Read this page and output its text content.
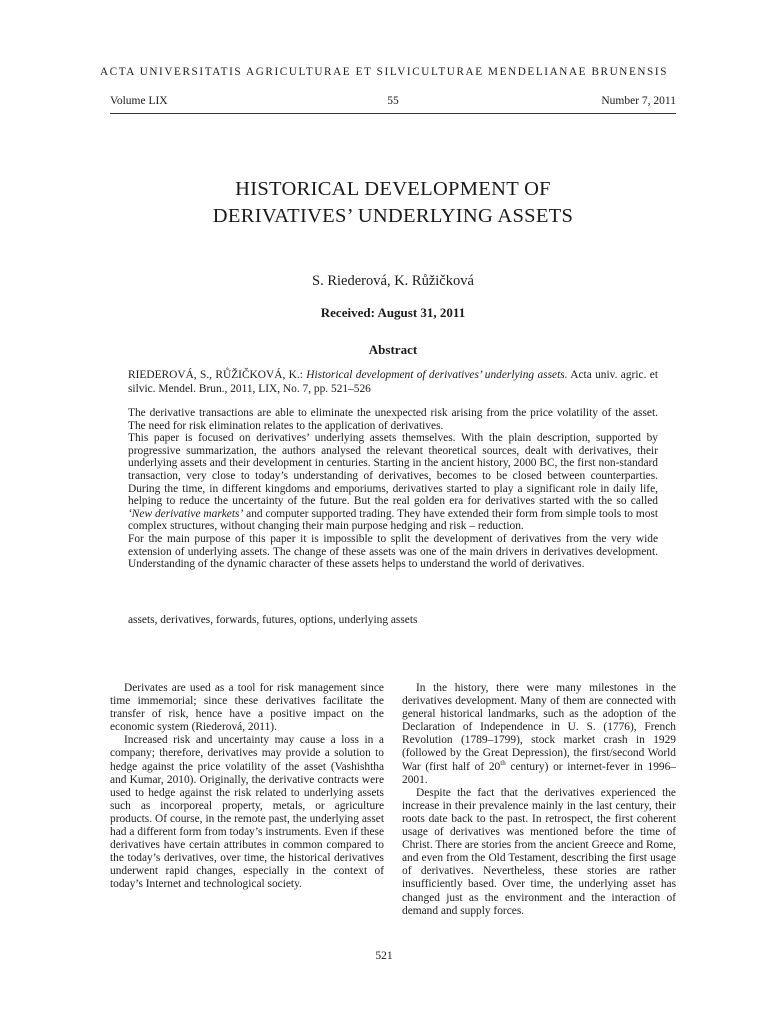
ACTA UNIVERSITATIS AGRICULTURAE ET SILVICULTURAE MENDELIANAE BRUNENSIS
Volume LIX	55	Number 7, 2011
HISTORICAL DEVELOPMENT OF
DERIVATIVES’ UNDERLYING ASSETS
S. Riederová, K. Růžičková
Received: August 31, 2011
Abstract
RIEDEROVÁ, S., RŮŽIČKOVÁ, K.: Historical development of derivatives’ underlying assets. Acta univ. agric. et silvic. Mendel. Brun., 2011, LIX, No. 7, pp. 521–526

The derivative transactions are able to eliminate the unexpected risk arising from the price volatility of the asset. The need for risk elimination relates to the application of derivatives.

This paper is focused on derivatives’ underlying assets themselves. With the plain description, supported by progressive summarization, the authors analysed the relevant theoretical sources, dealt with derivatives, their underlying assets and their development in centuries. Starting in the ancient history, 2000 BC, the first non-standard transaction, very close to today’s understanding of derivatives, becomes to be closed between counterparties. During the time, in different kingdoms and emporiums, derivatives started to play a significant role in daily life, helping to reduce the uncertainty of the future. But the real golden era for derivatives started with the so called ‘New derivative markets’ and computer supported trading. They have extended their form from simple tools to most complex structures, without changing their main purpose hedging and risk – reduction.

For the main purpose of this paper it is impossible to split the development of derivatives from the very wide extension of underlying assets. The change of these assets was one of the main drivers in derivatives development. Understanding of the dynamic character of these assets helps to understand the world of derivatives.

assets, derivatives, forwards, futures, options, underlying assets

Derivates are used as a tool for risk management since time immemorial; since these derivatives facilitate the transfer of risk, hence have a positive impact on the economic system (Riederová, 2011).

Increased risk and uncertainty may cause a loss in a company; therefore, derivatives may provide a solution to hedge against the price volatility of the asset (Vashishtha and Kumar, 2010). Originally, the derivative contracts were used to hedge against the risk related to underlying assets such as incorporeal property, metals, or agriculture products. Of course, in the remote past, the underlying asset had a different form from today’s instruments. Even if these derivatives have certain attributes in common compared to the today’s derivatives, over time, the historical derivatives underwent rapid changes, especially in the context of today’s Internet and technological society.

In the history, there were many milestones in the derivatives development. Many of them are connected with general historical landmarks, such as the adoption of the Declaration of Independence in U. S. (1776), French Revolution (1789–1799), stock market crash in 1929 (followed by the Great Depression), the first/second World War (first half of 20th century) or internet-fever in 1996–2001.

Despite the fact that the derivatives experienced the increase in their prevalence mainly in the last century, their roots date back to the past. In retrospect, the first coherent usage of derivatives was mentioned before the time of Christ. There are stories from the ancient Greece and Rome, and even from the Old Testament, describing the first usage of derivatives. Nevertheless, these stories are rather insufficiently based. Over time, the underlying asset has changed just as the environment and the interaction of demand and supply forces.

521
